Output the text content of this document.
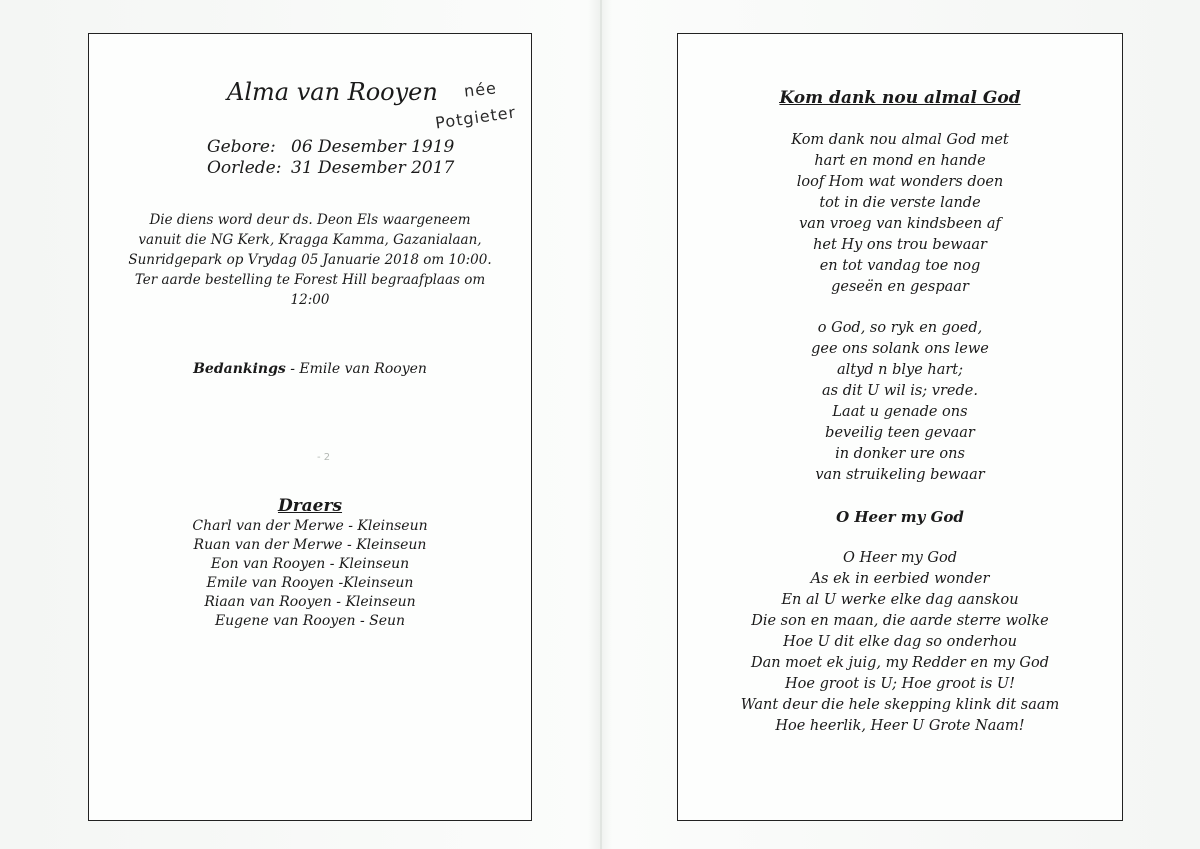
Alma van Rooyen	née
Potgieter
Gebore: 06 Desember 1919
Oorlede: 31 Desember 2017
Die diens word deur ds. Deon Els waargeneem
vanuit die NG Kerk, Kragga Kamma, Gazanialaan,
Sunridgepark op Vrydag 05 Januarie 2018 om 10:00.
Ter aarde bestelling te Forest Hill begraafplaas om
12:00
Bedankings - Emile van Rooyen
- 2
Draers
Charl van der Merwe - Kleinseun
Ruan van der Merwe - Kleinseun
Eon van Rooyen - Kleinseun
Emile van Rooyen -Kleinseun
Riaan van Rooyen - Kleinseun
Eugene van Rooyen - Seun
Kom dank nou almal God
Kom dank nou almal God met
hart en mond en hande
loof Hom wat wonders doen
tot in die verste lande
van vroeg van kindsbeen af
het Hy ons trou bewaar
en tot vandag toe nog
geseën en gespaar
o God, so ryk en goed,
gee ons solank ons lewe
altyd n blye hart;
as dit U wil is; vrede.
Laat u genade ons
beveilig teen gevaar
in donker ure ons
van struikeling bewaar
O Heer my God
O Heer my God
As ek in eerbied wonder
En al U werke elke dag aanskou
Die son en maan, die aarde sterre wolke
Hoe U dit elke dag so onderhou
Dan moet ek juig, my Redder en my God
Hoe groot is U; Hoe groot is U!
Want deur die hele skepping klink dit saam
Hoe heerlik, Heer U Grote Naam!
